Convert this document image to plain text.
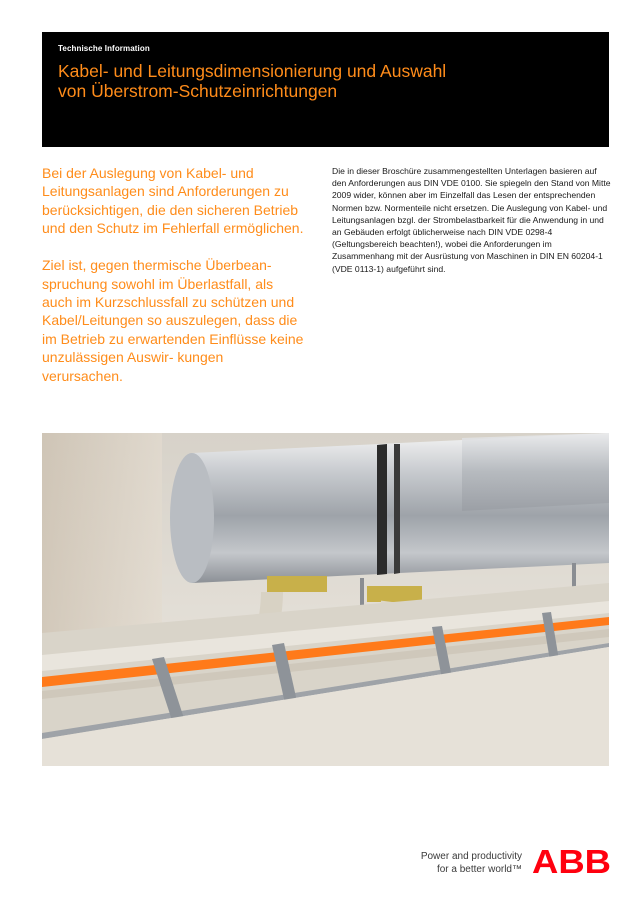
Technische Information
Kabel- und Leitungsdimensionierung und Auswahl
von Überstrom-Schutzeinrichtungen

Bei der Auslegung von Kabel- und Leitungsanlagen sind Anforderungen zu berücksichtigen, die den sicheren Betrieb und den Schutz im Fehlerfall ermöglichen.

Ziel ist, gegen thermische Überbean- spruchung sowohl im Überlastfall, als auch im Kurzschlussfall zu schützen und Kabel/Leitungen so auszulegen, dass die im Betrieb zu erwartenden Einflüsse keine unzulässigen Auswir- kungen verursachen.

Die in dieser Broschüre zusammengestellten Unterlagen basieren auf den Anforderungen aus DIN VDE 0100. Sie spiegeln den Stand von Mitte 2009 wider, können aber im Einzelfall das Lesen der entsprechenden Normen bzw. Normenteile nicht ersetzen. Die Auslegung von Kabel- und Leitungsanlagen bzgl. der Strombelastbarkeit für die Anwendung in und an Gebäuden erfolgt üblicherweise nach DIN VDE 0298-4 (Geltungsbereich beachten!), wobei die Anforderungen im Zusammenhang mit der Ausrüstung von Maschinen in DIN EN 60204-1 (VDE 0113-1) aufgeführt sind.
Power and productivity
for a better world™ ABB
